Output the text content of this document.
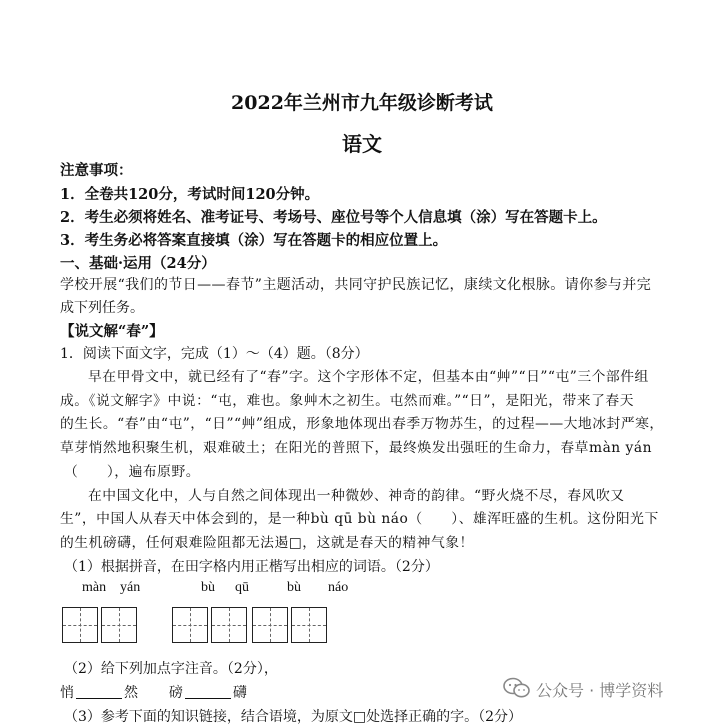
2022年兰州市九年级诊断考试
语文
注意事项：
1．全卷共120分，考试时间120分钟。
2．考生必须将姓名、准考证号、考场号、座位号等个人信息填（涂）写在答题卡上。
3．考生务必将答案直接填（涂）写在答题卡的相应位置上。
一、基础·运用（24分）
学校开展“我们的节日——春节”主题活动，共同守护民族记忆，康续文化根脉。请你参与并完
成下列任务。
【说文解“春”】
1．阅读下面文字，完成（1）～（4）题。（8分）
早在甲骨文中，就已经有了“春”字。这个字形体不定，但基本由“艸”“日”“屯”三个部件组
成。《说文解字》中说：“屯，难也。象艸木之初生。屯然而难。”“日”，是阳光，带来了春天
的生长。“春”由“屯”，“日”“艸”组成，形象地体现出春季万物苏生，的过程——大地冰封严寒，
草芽悄然地积聚生机，艰难破土；在阳光的普照下，最终焕发出强旺的生命力，春草màn yán
（　　），遍布原野。
在中国文化中，人与自然之间体现出一种微妙、神奇的韵律。“野火烧不尽，春风吹又
生”，中国人从春天中体会到的，是一种bù qū bù náo（　　）、雄浑旺盛的生机。这份阳光下
的生机磅礴，任何艰难险阻都无法遏□，这就是春天的精神气象！
（1）根据拼音，在田字格内用正楷写出相应的词语。（2分）
màn yán	bù qū	bù náo
（2）给下列加点字注音。（2分），
悄	然 磅	礴
（3）参考下面的知识链接，结合语境，为原文□处选择正确的字。（2分）
公众号 · 博学资料
